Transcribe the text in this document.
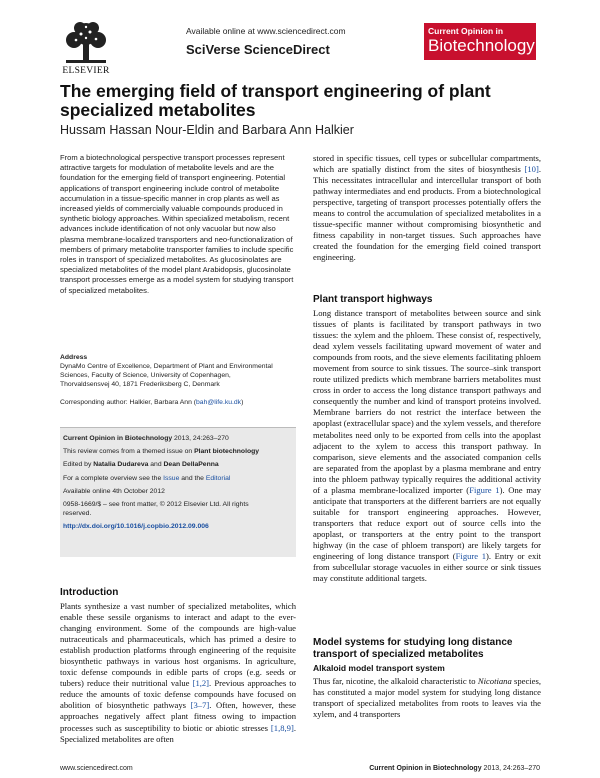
ELSEVIER
Available online at www.sciencedirect.com
SciVerse ScienceDirect
Current Opinion in
Biotechnology
The emerging field of transport engineering of plant specialized metabolites
Hussam Hassan Nour-Eldin and Barbara Ann Halkier
From a biotechnological perspective transport processes represent attractive targets for modulation of metabolite levels and are the foundation for the emerging field of transport engineering. Potential applications of transport engineering include control of metabolite accumulation in a tissue-specific manner in crop plants as well as increased yields of commercially valuable compounds produced in synthetic biology approaches. Within specialized metabolism, recent advances include identification of not only vacuolar but now also plasma membrane-localized transporters and neo-functionalization of members of primary metabolite transporter families to include specific roles in transport of specialized metabolites. As glucosinolates are specialized metabolites of the model plant Arabidopsis, glucosinolate transport processes emerge as a model system for studying transport of specialized metabolites.
Address
DynaMo Centre of Excellence, Department of Plant and Environmental
Sciences, Faculty of Science, University of Copenhagen,
Thorvaldsensvej 40, 1871 Frederiksberg C, Denmark
Corresponding author: Halkier, Barbara Ann (bah@life.ku.dk)
Current Opinion in Biotechnology 2013, 24:263–270
This review comes from a themed issue on Plant biotechnology
Edited by Natalia Dudareva and Dean DellaPenna
For a complete overview see the Issue and the Editorial
Available online 4th October 2012
0958-1669/$ – see front matter, © 2012 Elsevier Ltd. All rights
reserved.
http://dx.doi.org/10.1016/j.copbio.2012.09.006
Introduction
Plants synthesize a vast number of specialized metabolites, which enable these sessile organisms to interact and adapt to the ever-changing environment. Some of the compounds are high-value nutraceuticals and pharmaceuticals, which has primed a desire to establish production platforms through engineering of the requisite biosynthetic pathways in various host organisms. In agriculture, toxic defense compounds in edible parts of crops (e.g. seeds or tubers) reduce their nutritional value [1,2]. Previous approaches to reduce the amounts of toxic defense compounds have focused on abolition of biosynthetic pathways [3–7]. Often, however, these approaches negatively affect plant fitness owing to impaction processes such as susceptibility to biotic or abiotic stresses [1,8,9]. Specialized metabolites are often
stored in specific tissues, cell types or subcellular compartments, which are spatially distinct from the sites of biosynthesis [10]. This necessitates intracellular and intercellular transport of both pathway intermediates and end products. From a biotechnological perspective, targeting of transport processes potentially offers the means to control the accumulation of specialized metabolites in a tissue-specific manner without compromising biosynthetic and fitness capability in non-target tissues. Such approaches have created the foundation for the emerging field coined transport engineering.
Plant transport highways
Long distance transport of metabolites between source and sink tissues of plants is facilitated by transport pathways in two tissues: the xylem and the phloem. These consist of, respectively, dead xylem vessels facilitating upward movement of water and compounds from roots, and the sieve elements facilitating phloem movement from source to sink tissues. The source–sink transport route utilized predicts which membrane barriers metabolites must cross in order to access the long distance transport pathways and consequently the number and kind of transport proteins involved. Membrane barriers do not restrict the interface between the apoplast (extracellular space) and the xylem vessels, and therefore metabolites need only to be exported from cells into the apoplast adjacent to the xylem to access this transport pathway. In comparison, sieve elements and the associated companion cells are separated from the apoplast by a plasma membrane and entry into the phloem pathway typically requires the additional activity of a plasma membrane-localized importer (Figure 1). One may anticipate that transporters at the different barriers are not equally suitable for transport engineering approaches. However, transporters that reduce export out of source cells into the apoplast, or transporters at the entry point to the transport highway (in the case of phloem transport) are likely targets for engineering of long distance transport (Figure 1). Entry or exit from subcellular storage vacuoles in either source or sink tissues may constitute additional targets.
Model systems for studying long distance transport of specialized metabolites
Alkaloid model transport system
Thus far, nicotine, the alkaloid characteristic to Nicotiana species, has constituted a major model system for studying long distance transport of specialized metabolites from roots to leaves via the xylem, and 4 transporters
www.sciencedirect.com	Current Opinion in Biotechnology 2013, 24:263–270
